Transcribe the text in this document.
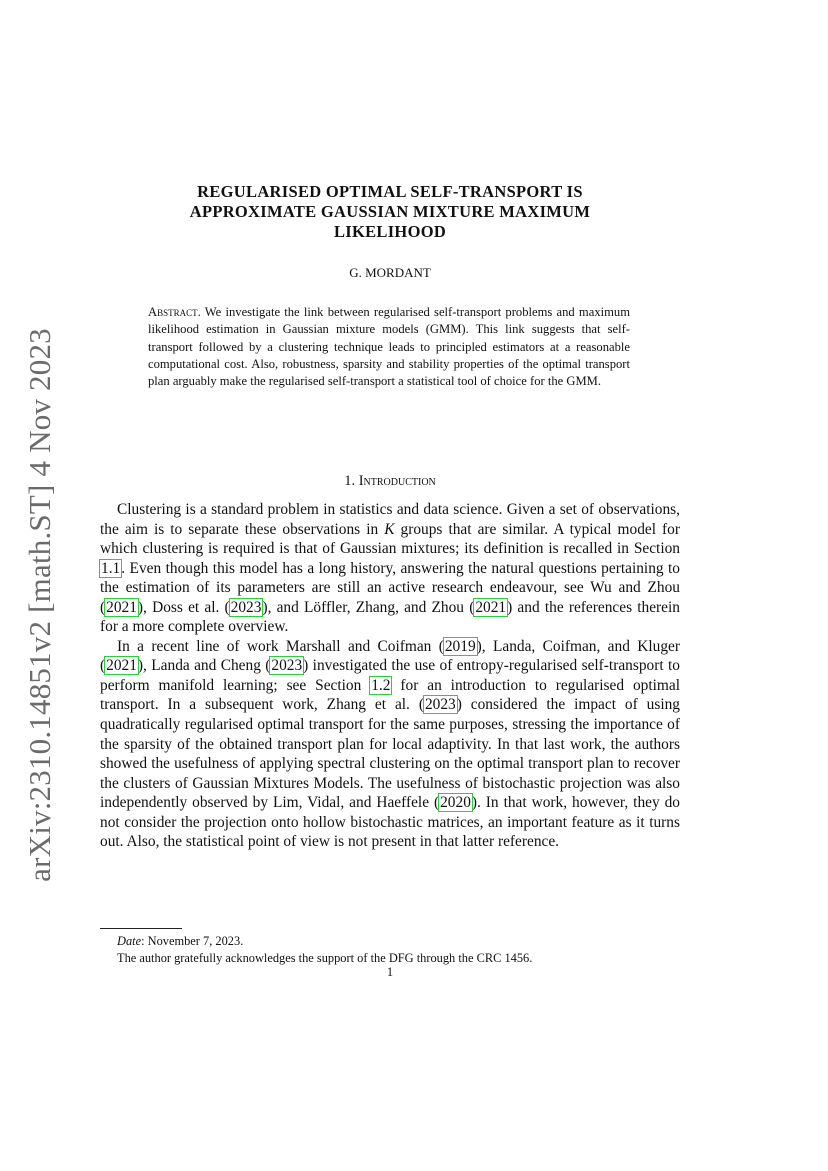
arXiv:2310.14851v2 [math.ST] 4 Nov 2023
REGULARISED OPTIMAL SELF-TRANSPORT IS
APPROXIMATE GAUSSIAN MIXTURE MAXIMUM
LIKELIHOOD
G. MORDANT
Abstract. We investigate the link between regularised self-transport problems and maximum likelihood estimation in Gaussian mixture models (GMM). This link suggests that self-transport followed by a clustering technique leads to principled estimators at a reasonable computational cost. Also, robustness, sparsity and stability properties of the optimal transport plan arguably make the regularised self-transport a statistical tool of choice for the GMM.
1. Introduction

Clustering is a standard problem in statistics and data science. Given a set of observations, the aim is to separate these observations in K groups that are similar. A typical model for which clustering is required is that of Gaussian mixtures; its definition is recalled in Section 1.1. Even though this model has a long history, answering the natural questions pertaining to the estimation of its parameters are still an active research endeavour, see Wu and Zhou (2021), Doss et al. (2023), and Löffler, Zhang, and Zhou (2021) and the references therein for a more complete overview.

In a recent line of work Marshall and Coifman (2019), Landa, Coifman, and Kluger (2021), Landa and Cheng (2023) investigated the use of entropy-regularised self-transport to perform manifold learning; see Section 1.2 for an introduction to regularised optimal transport. In a subsequent work, Zhang et al. (2023) considered the impact of using quadratically regularised optimal transport for the same purposes, stressing the importance of the sparsity of the obtained transport plan for local adaptivity. In that last work, the authors showed the usefulness of applying spectral clustering on the optimal transport plan to recover the clusters of Gaussian Mixtures Models. The usefulness of bistochastic projection was also independently observed by Lim, Vidal, and Haeffele (2020). In that work, however, they do not consider the projection onto hollow bistochastic matrices, an important feature as it turns out. Also, the statistical point of view is not present in that latter reference.

Date: November 7, 2023.

The author gratefully acknowledges the support of the DFG through the CRC 1456.

1
